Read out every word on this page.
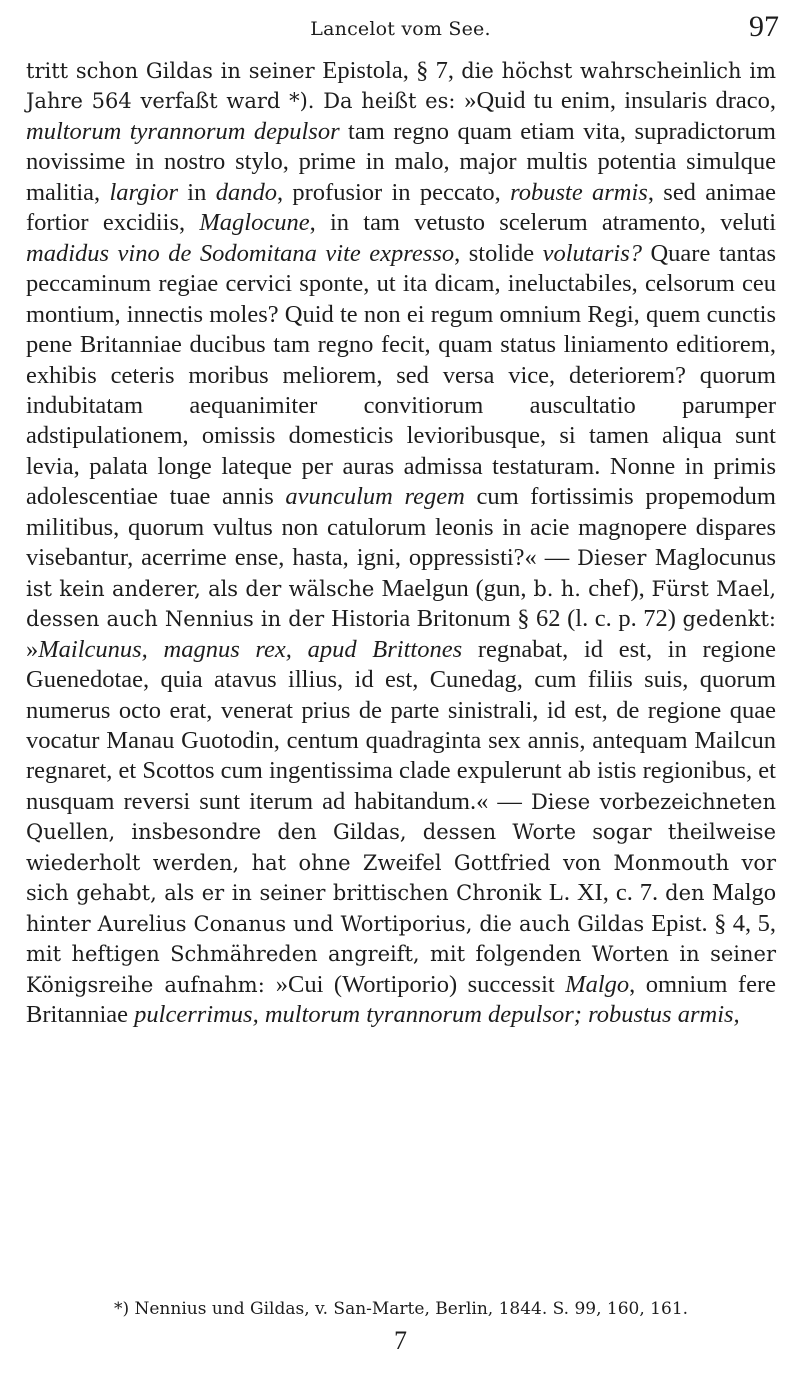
Lancelot vom See.	97

tritt schon Gildas in seiner Epistola, § 7, die höchst wahrscheinlich im Jahre 564 verfaßt ward *). Da heißt es: »Quid tu enim, insularis draco, multorum tyrannorum depulsor tam regno quam etiam vita, supradictorum novissime in nostro stylo, prime in malo, major multis potentia simulque malitia, largior in dando, profusior in peccato, robuste armis, sed animae fortior excidiis, Maglocune, in tam vetusto scelerum atramento, veluti madidus vino de Sodomitana vite expresso, stolide volutaris? Quare tantas peccaminum regiae cervici sponte, ut ita dicam, ineluctabiles, celsorum ceu montium, innectis moles? Quid te non ei regum omnium Regi, quem cunctis pene Britanniae ducibus tam regno fecit, quam status liniamento editiorem, exhibis ceteris moribus meliorem, sed versa vice, deteriorem? quorum indubitatam aequanimiter convitiorum auscultatio parumper adstipulationem, omissis domesticis levioribusque, si tamen aliqua sunt levia, palata longe lateque per auras admissa testaturam. Nonne in primis adolescentiae tuae annis avunculum regem cum fortissimis propemodum militibus, quorum vultus non catulorum leonis in acie magnopere dispares visebantur, acerrime ense, hasta, igni, oppressisti?« — Dieser Maglocunus ist kein anderer, als der wälsche Maelgun (gun, b. h. chef), Fürst Mael, dessen auch Nennius in der Historia Britonum § 62 (l. c. p. 72) gedenkt: »Mailcunus, magnus rex, apud Brittones regnabat, id est, in regione Guenedotae, quia atavus illius, id est, Cunedag, cum filiis suis, quorum numerus octo erat, venerat prius de parte sinistrali, id est, de regione quae vocatur Manau Guotodin, centum quadraginta sex annis, antequam Mailcun regnaret, et Scottos cum ingentissima clade expulerunt ab istis regionibus, et nusquam reversi sunt iterum ad habitandum.« — Diese vorbezeichneten Quellen, insbesondre den Gildas, dessen Worte sogar theilweise wiederholt werden, hat ohne Zweifel Gottfried von Monmouth vor sich gehabt, als er in seiner brittischen Chronik L. XI, c. 7. den Malgo hinter Aurelius Conanus und Wortiporius, die auch Gildas Epist. § 4, 5, mit heftigen Schmähreden angreift, mit folgenden Worten in seiner Königsreihe aufnahm: »Cui (Wortiporio) successit Malgo, omnium fere Britanniae pulcerrimus, multorum tyrannorum depulsor; robustus armis,

*) Nennius und Gildas, v. San-Marte, Berlin, 1844. S. 99, 160, 161.
7
